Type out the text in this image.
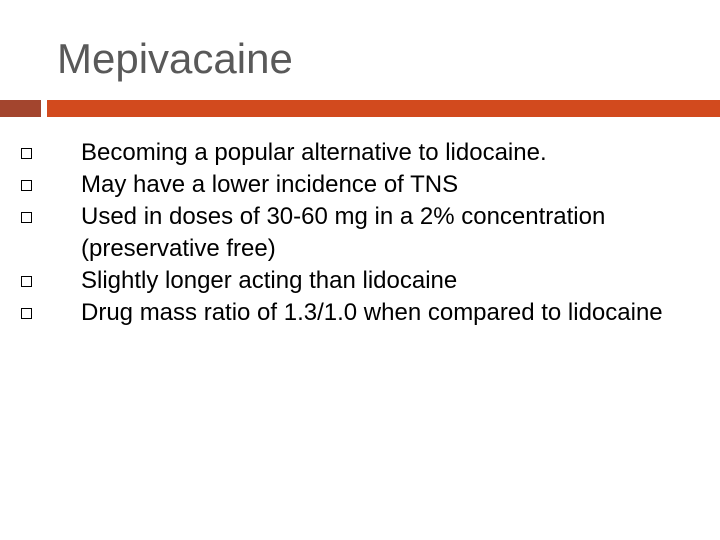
Mepivacaine
Becoming a popular alternative to lidocaine.
May have a lower incidence of TNS
Used in doses of 30-60 mg in a 2% concentration (preservative free)
Slightly longer acting than lidocaine
Drug mass ratio of 1.3/1.0 when compared to lidocaine
